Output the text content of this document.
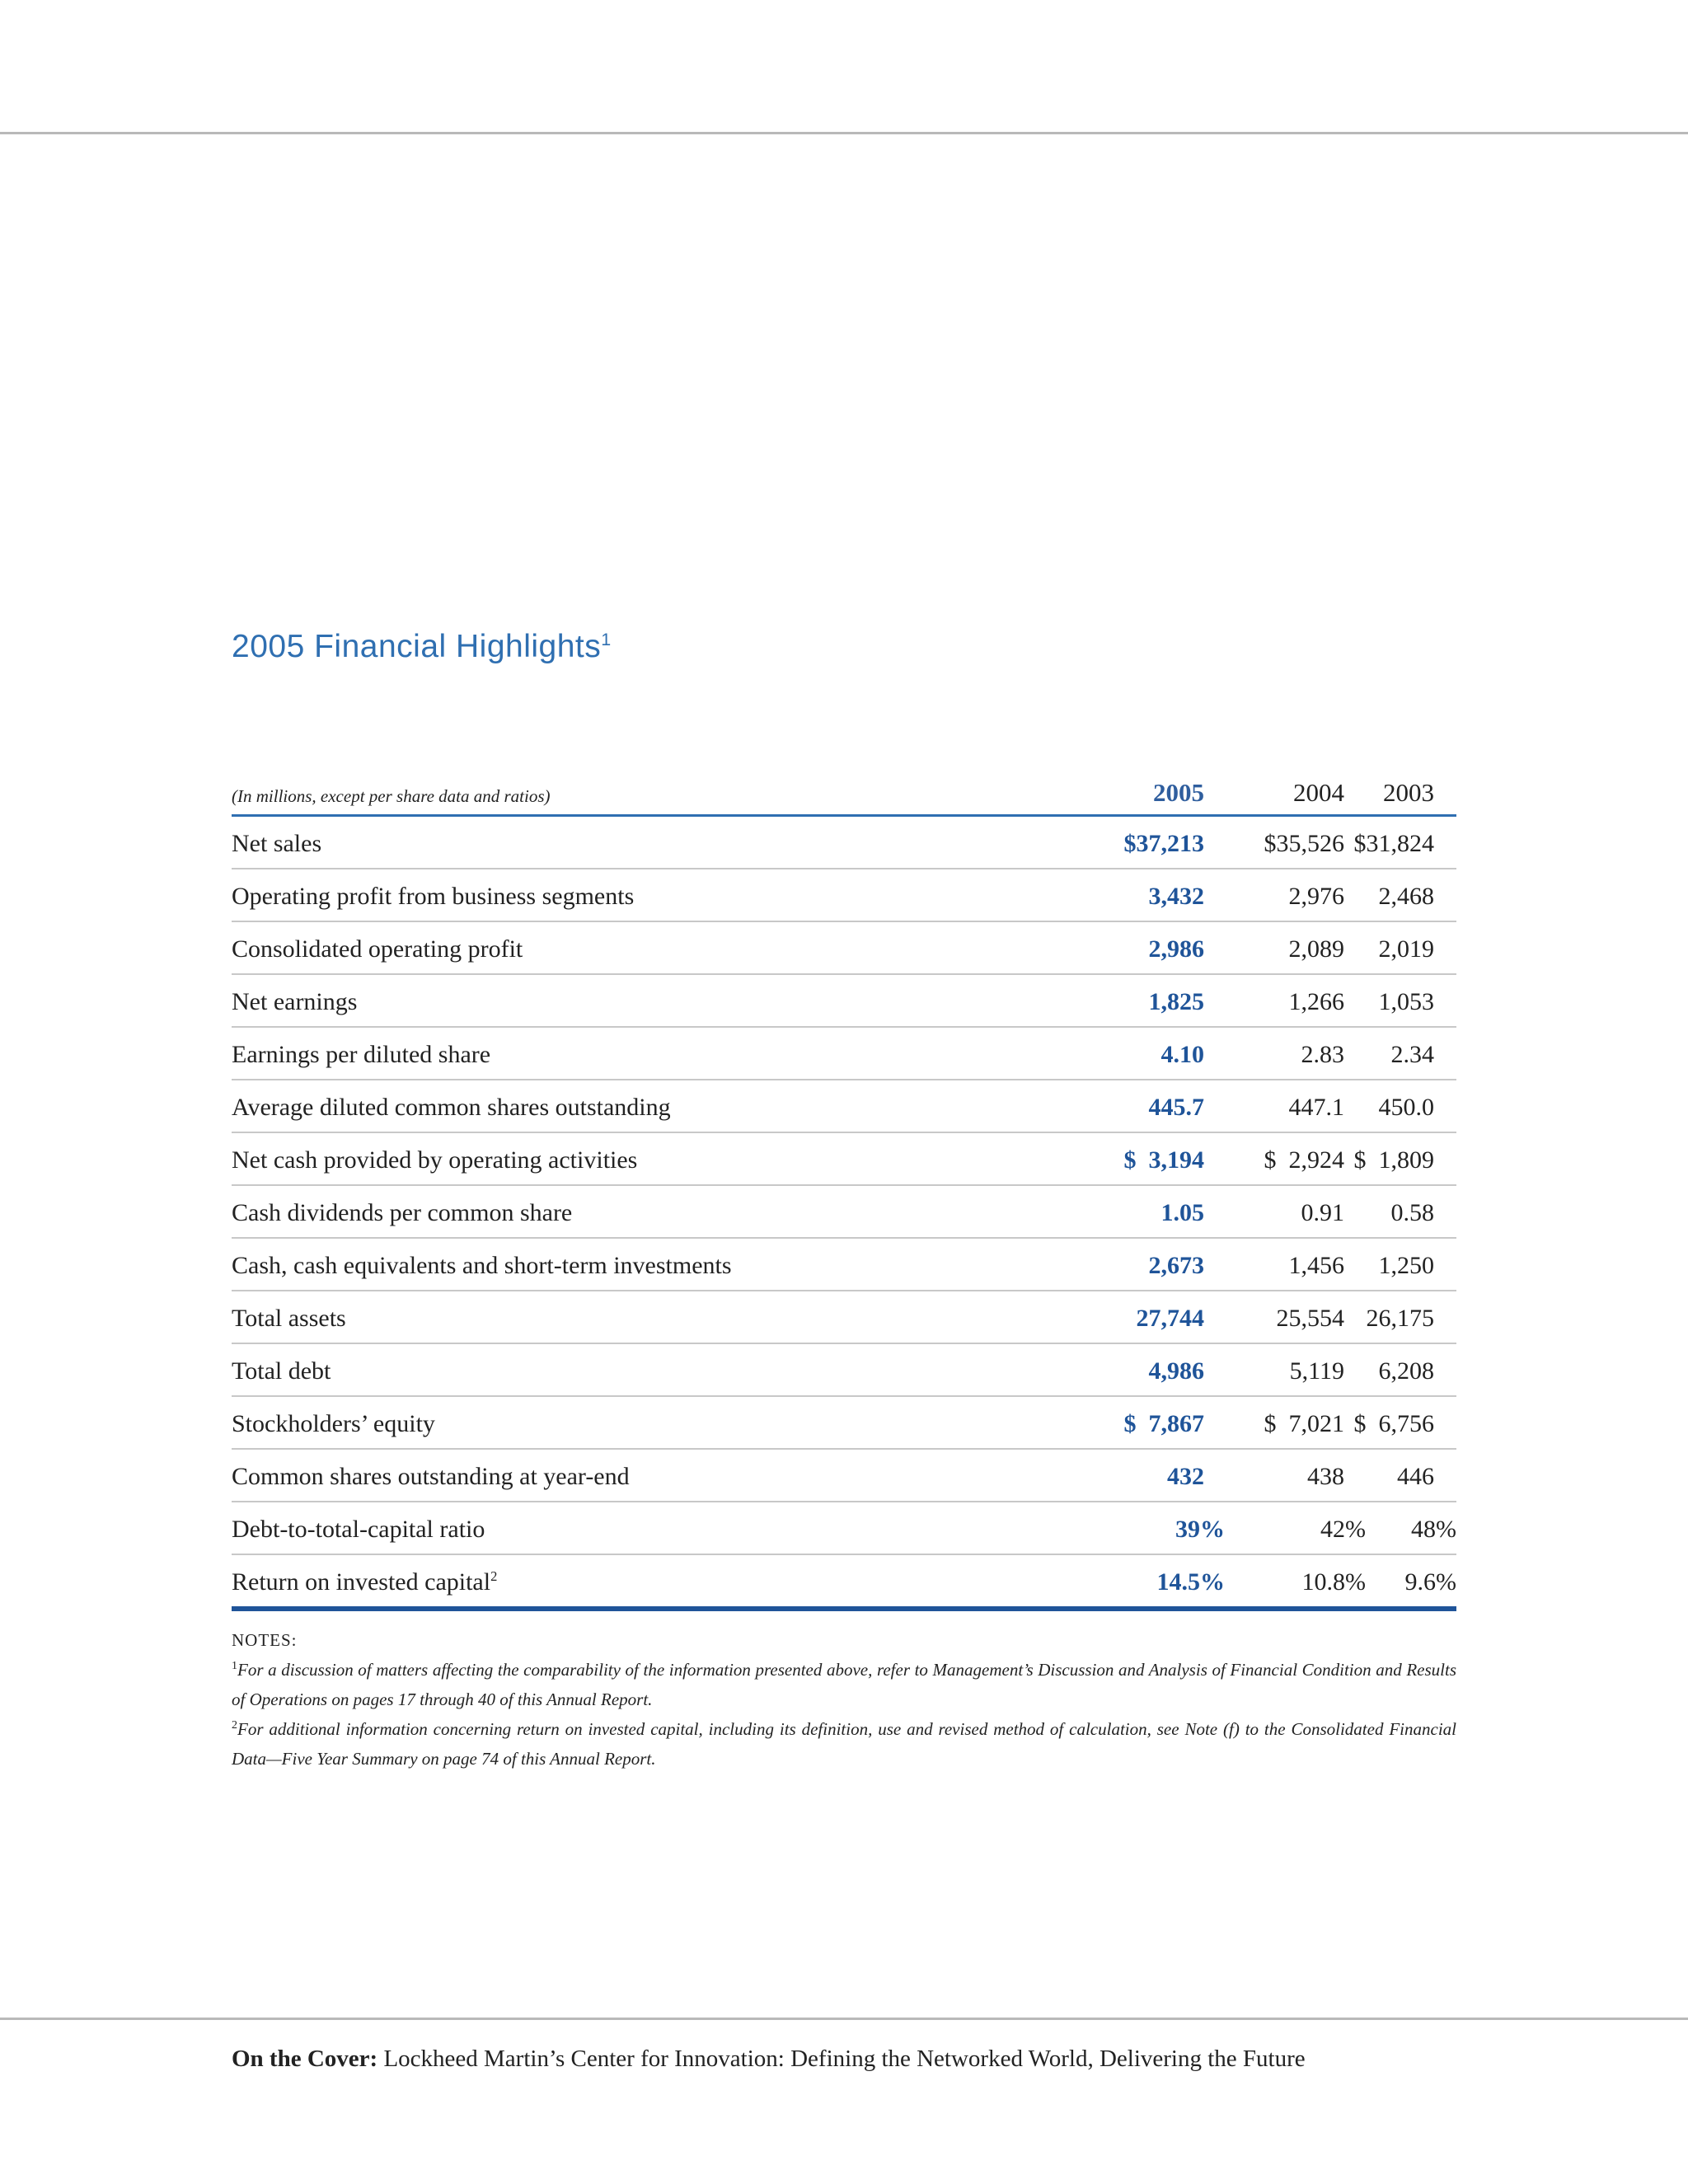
2005 Financial Highlights$^1$
(In millions, except per share data and ratios)	2005	2004 2003
Net sales	$37,213 $35,526 $31,824
Operating profit from business segments	3,432	2,976 2,468
Consolidated operating profit	2,986	2,089 2,019
Net earnings	1,825	1,266 1,053
Earnings per diluted share	4.10	2.83 2.34
Average diluted common shares outstanding	445.7	447.1 450.0
Net cash provided by operating activities	$  3,194 $  2,924 $  1,809
Cash dividends per common share	1.05	0.91 0.58
Cash, cash equivalents and short-term investments	2,673	1,456 1,250
Total assets	27,744	25,554 26,175
Total debt	4,986	5,119 6,208
Stockholders’ equity	$  7,867 $  7,021 $  6,756
Common shares outstanding at year-end	432	438 446
Debt-to-total-capital ratio	39%	42% 48%
Return on invested capital$^2$	14.5%	10.8% 9.6%
NOTES:
$^1$For a discussion of matters affecting the comparability of the information presented above, refer to Management’s Discussion and Analysis of Financial Condition and Results of Operations on pages 17 through 40 of this Annual Report.
$^2$For additional information concerning return on invested capital, including its definition, use and revised method of calculation, see Note (f) to the Consolidated Financial Data—Five Year Summary on page 74 of this Annual Report.
On the Cover: Lockheed Martin’s Center for Innovation: Defining the Networked World, Delivering the Future
